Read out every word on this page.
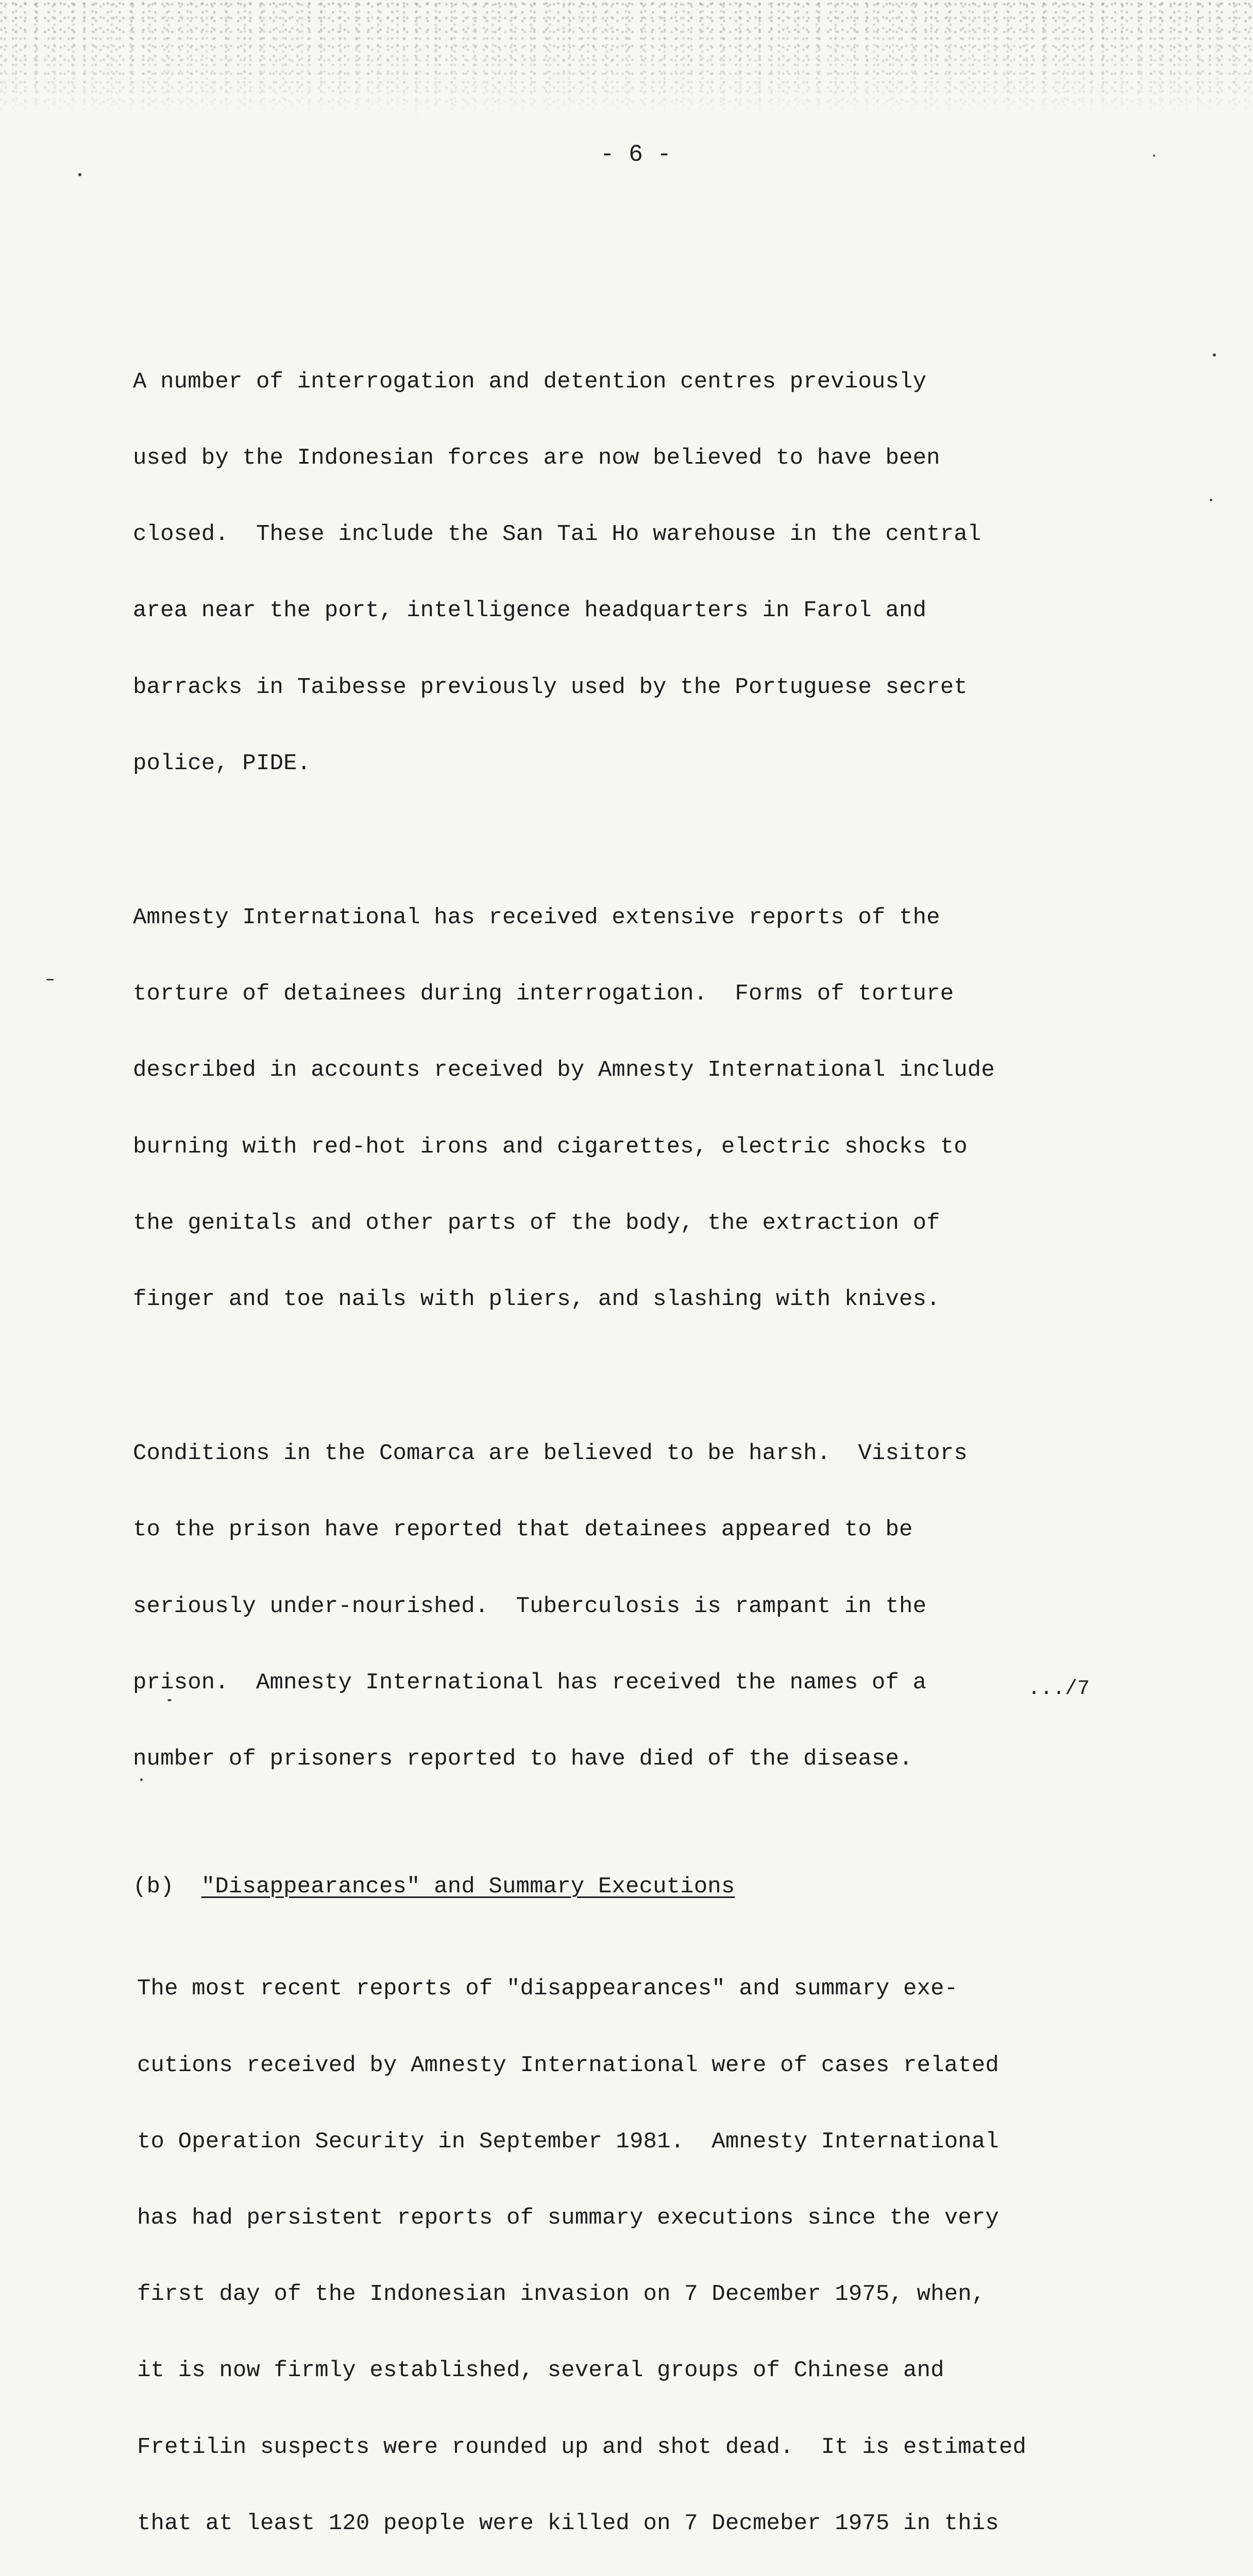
- 6 -

A number of interrogation and detention centres previously

used by the Indonesian forces are now believed to have been

closed.  These include the San Tai Ho warehouse in the central

area near the port, intelligence headquarters in Farol and

barracks in Taibesse previously used by the Portuguese secret

police, PIDE.

Amnesty International has received extensive reports of the

torture of detainees during interrogation.  Forms of torture

described in accounts received by Amnesty International include

burning with red-hot irons and cigarettes, electric shocks to

the genitals and other parts of the body, the extraction of

finger and toe nails with pliers, and slashing with knives.

Conditions in the Comarca are believed to be harsh.  Visitors

to the prison have reported that detainees appeared to be

seriously under-nourished.  Tuberculosis is rampant in the

prison.  Amnesty International has received the names of a

number of prisoners reported to have died of the disease.

(b) "Disappearances" and Summary Executions

The most recent reports of "disappearances" and summary exe-

cutions received by Amnesty International were of cases related

to Operation Security in September 1981.  Amnesty International

has had persistent reports of summary executions since the very

first day of the Indonesian invasion on 7 December 1975, when,

it is now firmly established, several groups of Chinese and

Fretilin suspects were rounded up and shot dead.  It is estimated

that at least 120 people were killed on 7 Decmeber 1975 in this

.../7
